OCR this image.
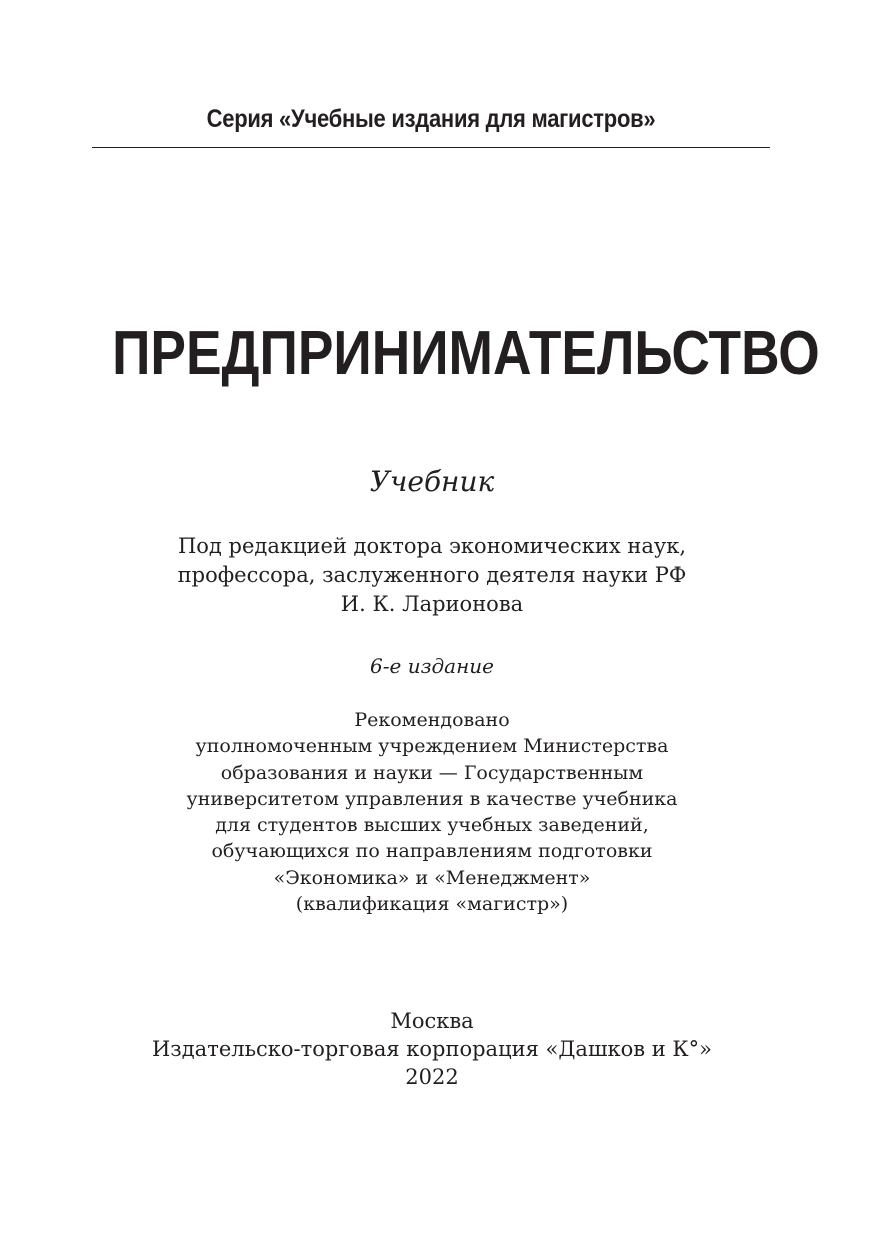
Серия «Учебные издания для магистров»
ПРЕДПРИНИМАТЕЛЬСТВО
Учебник
Под редакцией доктора экономических наук,
профессора, заслуженного деятеля науки РФ
И. К. Ларионова
6-е издание
Рекомендовано
уполномоченным учреждением Министерства
образования и науки — Государственным
университетом управления в качестве учебника
для студентов высших учебных заведений,
обучающихся по направлениям подготовки
«Экономика» и «Менеджмент»
(квалификация «магистр»)
Москва
Издательско-торговая корпорация «Дашков и К°»
2022
